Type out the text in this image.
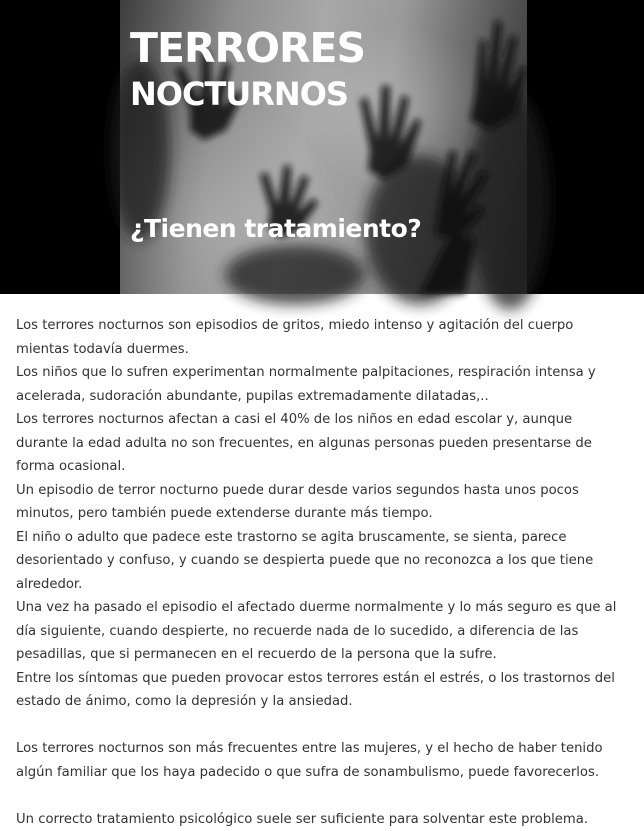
TERRORES
NOCTURNOS
¿Tienen tratamiento?

Los terrores nocturnos son episodios de gritos, miedo intenso y agitación del cuerpo mientas todavía duermes.

Los niños que lo sufren experimentan normalmente palpitaciones, respiración intensa y acelerada, sudoración abundante, pupilas extremadamente dilatadas,..

Los terrores nocturnos afectan a casi el 40% de los niños en edad escolar y, aunque durante la edad adulta no son frecuentes, en algunas personas pueden presentarse de forma ocasional.

Un episodio de terror nocturno puede durar desde varios segundos hasta unos pocos minutos, pero también puede extenderse durante más tiempo.

El niño o adulto que padece este trastorno se agita bruscamente, se sienta, parece desorientado y confuso, y cuando se despierta puede que no reconozca a los que tiene alrededor.

Una vez ha pasado el episodio el afectado duerme normalmente y lo más seguro es que al día siguiente, cuando despierte, no recuerde nada de lo sucedido, a diferencia de las pesadillas, que si permanecen en el recuerdo de la persona que la sufre.

Entre los síntomas que pueden provocar estos terrores están el estrés, o los trastornos del estado de ánimo, como la depresión y la ansiedad.

Los terrores nocturnos son más frecuentes entre las mujeres, y el hecho de haber tenido algún familiar que los haya padecido o que sufra de sonambulismo, puede favorecerlos.

Un correcto tratamiento psicológico suele ser suficiente para solventar este problema.
